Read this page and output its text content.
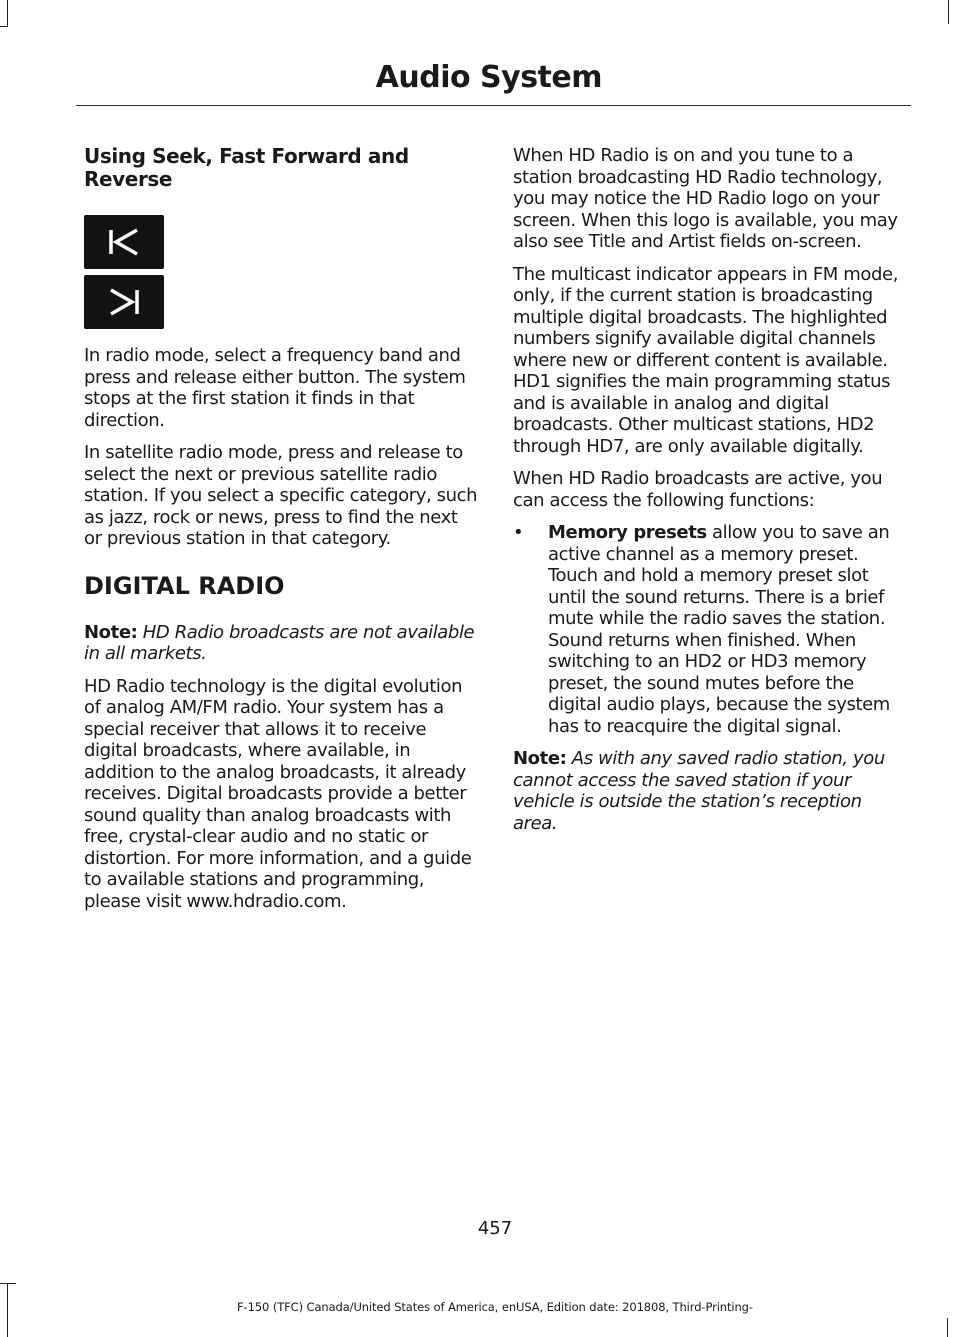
Audio System
Using Seek, Fast Forward and Reverse

In radio mode, select a frequency band and press and release either button. The system stops at the first station it finds in that direction.

In satellite radio mode, press and release to select the next or previous satellite radio station. If you select a specific category, such as jazz, rock or news, press to find the next or previous station in that category.

DIGITAL RADIO

Note: HD Radio broadcasts are not available in all markets.

HD Radio technology is the digital evolution of analog AM/FM radio. Your system has a special receiver that allows it to receive digital broadcasts, where available, in addition to the analog broadcasts, it already receives. Digital broadcasts provide a better sound quality than analog broadcasts with free, crystal-clear audio and no static or distortion. For more information, and a guide to available stations and programming, please visit www.hdradio.com.

When HD Radio is on and you tune to a station broadcasting HD Radio technology, you may notice the HD Radio logo on your screen. When this logo is available, you may also see Title and Artist fields on-screen.

The multicast indicator appears in FM mode, only, if the current station is broadcasting multiple digital broadcasts. The highlighted numbers signify available digital channels where new or different content is available. HD1 signifies the main programming status and is available in analog and digital broadcasts. Other multicast stations, HD2 through HD7, are only available digitally.

When HD Radio broadcasts are active, you can access the following functions:

• Memory presets allow you to save an active channel as a memory preset. Touch and hold a memory preset slot until the sound returns. There is a brief mute while the radio saves the station. Sound returns when finished. When switching to an HD2 or HD3 memory preset, the sound mutes before the digital audio plays, because the system has to reacquire the digital signal.

Note: As with any saved radio station, you cannot access the saved station if your vehicle is outside the station’s reception area.

457
F-150 (TFC) Canada/United States of America, enUSA, Edition date: 201808, Third-Printing-
